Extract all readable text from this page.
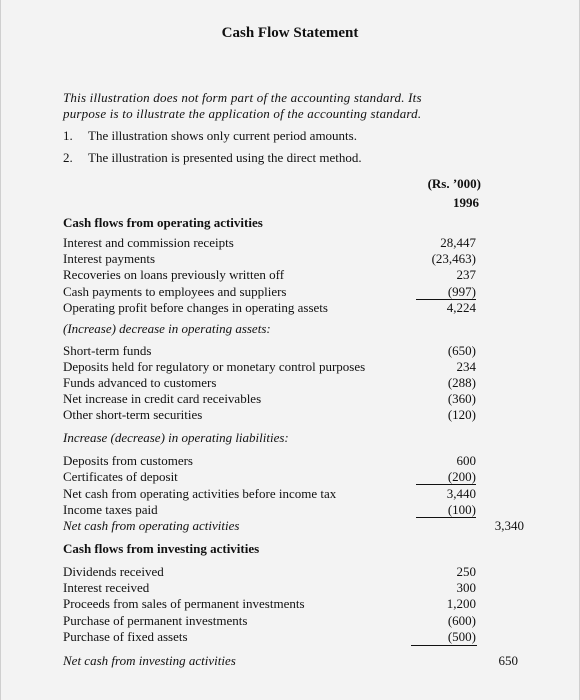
Cash Flow Statement
This illustration does not form part of the accounting standard. Its
purpose is to illustrate the application of the accounting standard.
1. The illustration shows only current period amounts.
2. The illustration is presented using the direct method.
(Rs. ’000)
1996
Cash flows from operating activities
Interest and commission receipts	28,447
Interest payments	(23,463)
Recoveries on loans previously written off	237
Cash payments to employees and suppliers	(997)
Operating profit before changes in operating assets	4,224
(Increase) decrease in operating assets:
Short-term funds	(650)
Deposits held for regulatory or monetary control purposes	234
Funds advanced to customers	(288)
Net increase in credit card receivables	(360)
Other short-term securities	(120)
Increase (decrease) in operating liabilities:
Deposits from customers	600
Certificates of deposit	(200)
Net cash from operating activities before income tax	3,440
Income taxes paid	(100)
Net cash from operating activities	3,340
Cash flows from investing activities
Dividends received	250
Interest received	300
Proceeds from sales of permanent investments	1,200
Purchase of permanent investments	(600)
Purchase of fixed assets	(500)
Net cash from investing activities	650
